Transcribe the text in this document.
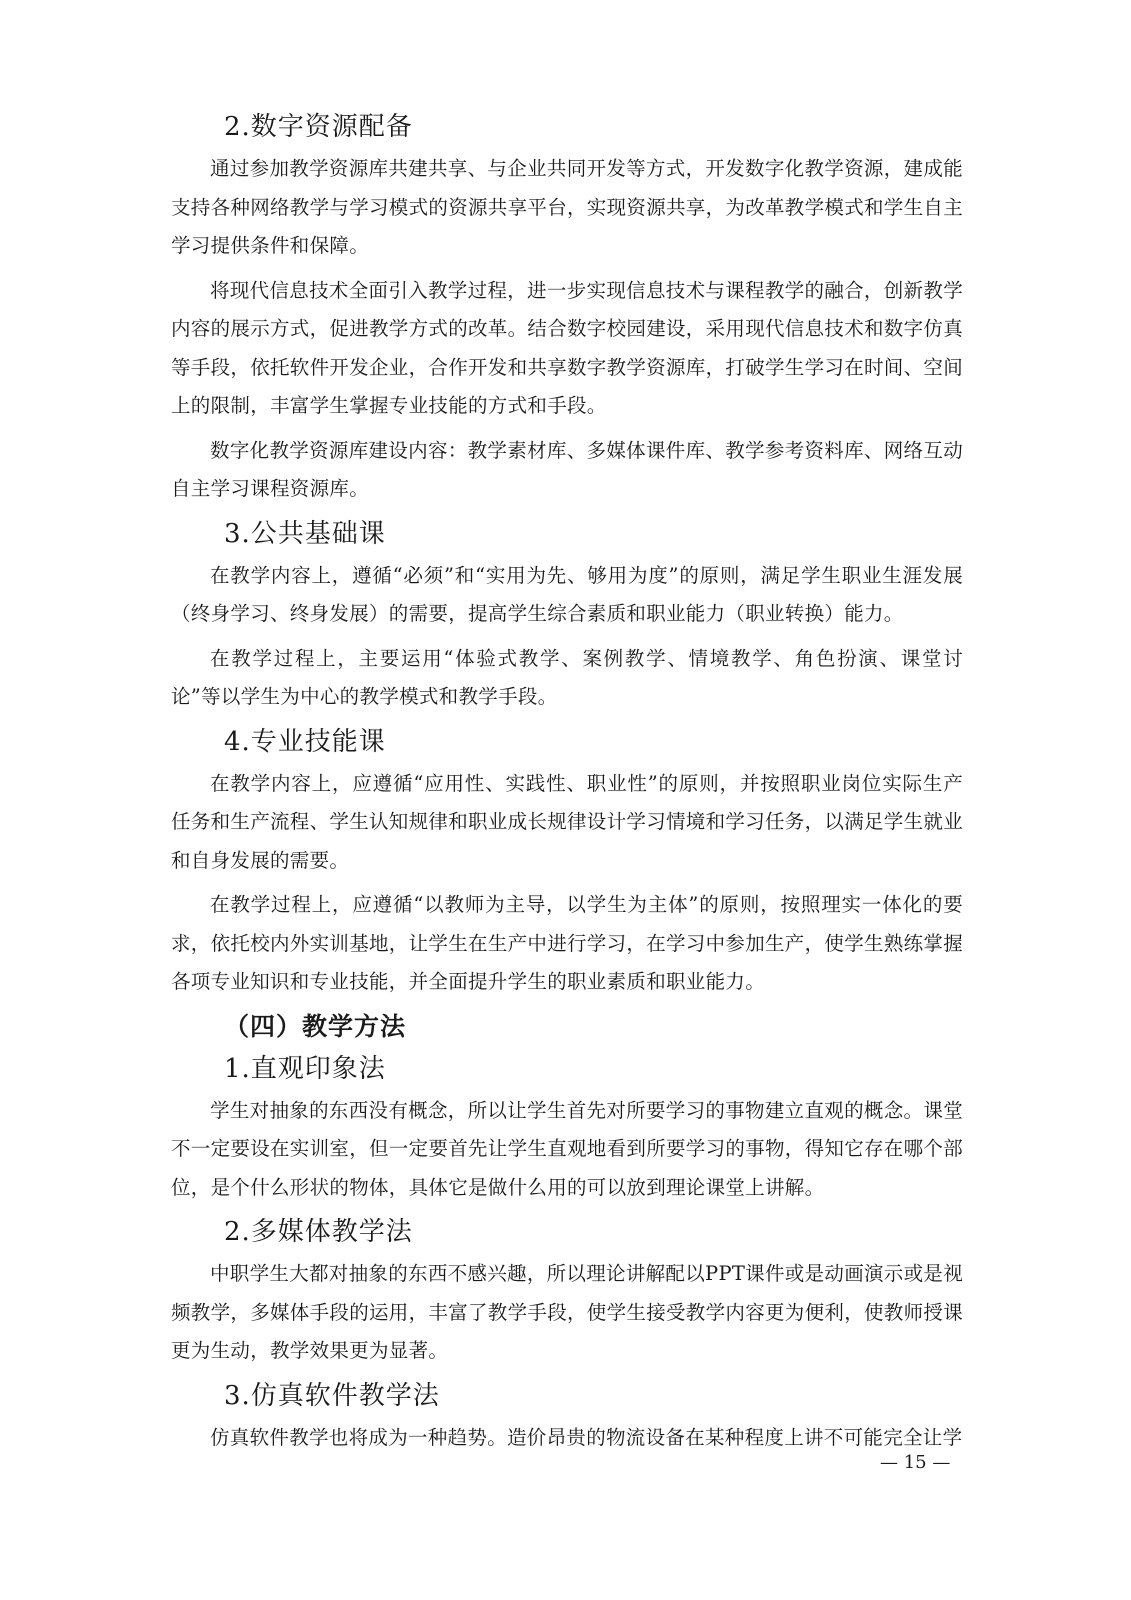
2.数字资源配备

通过参加教学资源库共建共享、与企业共同开发等方式，开发数字化教学资源，建成能支持各种网络教学与学习模式的资源共享平台，实现资源共享，为改革教学模式和学生自主学习提供条件和保障。

将现代信息技术全面引入教学过程，进一步实现信息技术与课程教学的融合，创新教学内容的展示方式，促进教学方式的改革。结合数字校园建设，采用现代信息技术和数字仿真等手段，依托软件开发企业，合作开发和共享数字教学资源库，打破学生学习在时间、空间上的限制，丰富学生掌握专业技能的方式和手段。

数字化教学资源库建设内容：教学素材库、多媒体课件库、教学参考资料库、网络互动自主学习课程资源库。

3.公共基础课

在教学内容上，遵循“必须”和“实用为先、够用为度”的原则，满足学生职业生涯发展（终身学习、终身发展）的需要，提高学生综合素质和职业能力（职业转换）能力。

在教学过程上，主要运用“体验式教学、案例教学、情境教学、角色扮演、课堂讨论”等以学生为中心的教学模式和教学手段。

4.专业技能课

在教学内容上，应遵循“应用性、实践性、职业性”的原则，并按照职业岗位实际生产任务和生产流程、学生认知规律和职业成长规律设计学习情境和学习任务，以满足学生就业和自身发展的需要。

在教学过程上，应遵循“以教师为主导，以学生为主体”的原则，按照理实一体化的要求，依托校内外实训基地，让学生在生产中进行学习，在学习中参加生产，使学生熟练掌握各项专业知识和专业技能，并全面提升学生的职业素质和职业能力。

（四）教学方法
1.直观印象法

学生对抽象的东西没有概念，所以让学生首先对所要学习的事物建立直观的概念。课堂不一定要设在实训室，但一定要首先让学生直观地看到所要学习的事物，得知它存在哪个部位，是个什么形状的物体，具体它是做什么用的可以放到理论课堂上讲解。

2.多媒体教学法

中职学生大都对抽象的东西不感兴趣，所以理论讲解配以PPT课件或是动画演示或是视频教学，多媒体手段的运用，丰富了教学手段，使学生接受教学内容更为便利，使教师授课更为生动，教学效果更为显著。

3.仿真软件教学法

仿真软件教学也将成为一种趋势。造价昂贵的物流设备在某种程度上讲不可能完全让学

— 15 —
